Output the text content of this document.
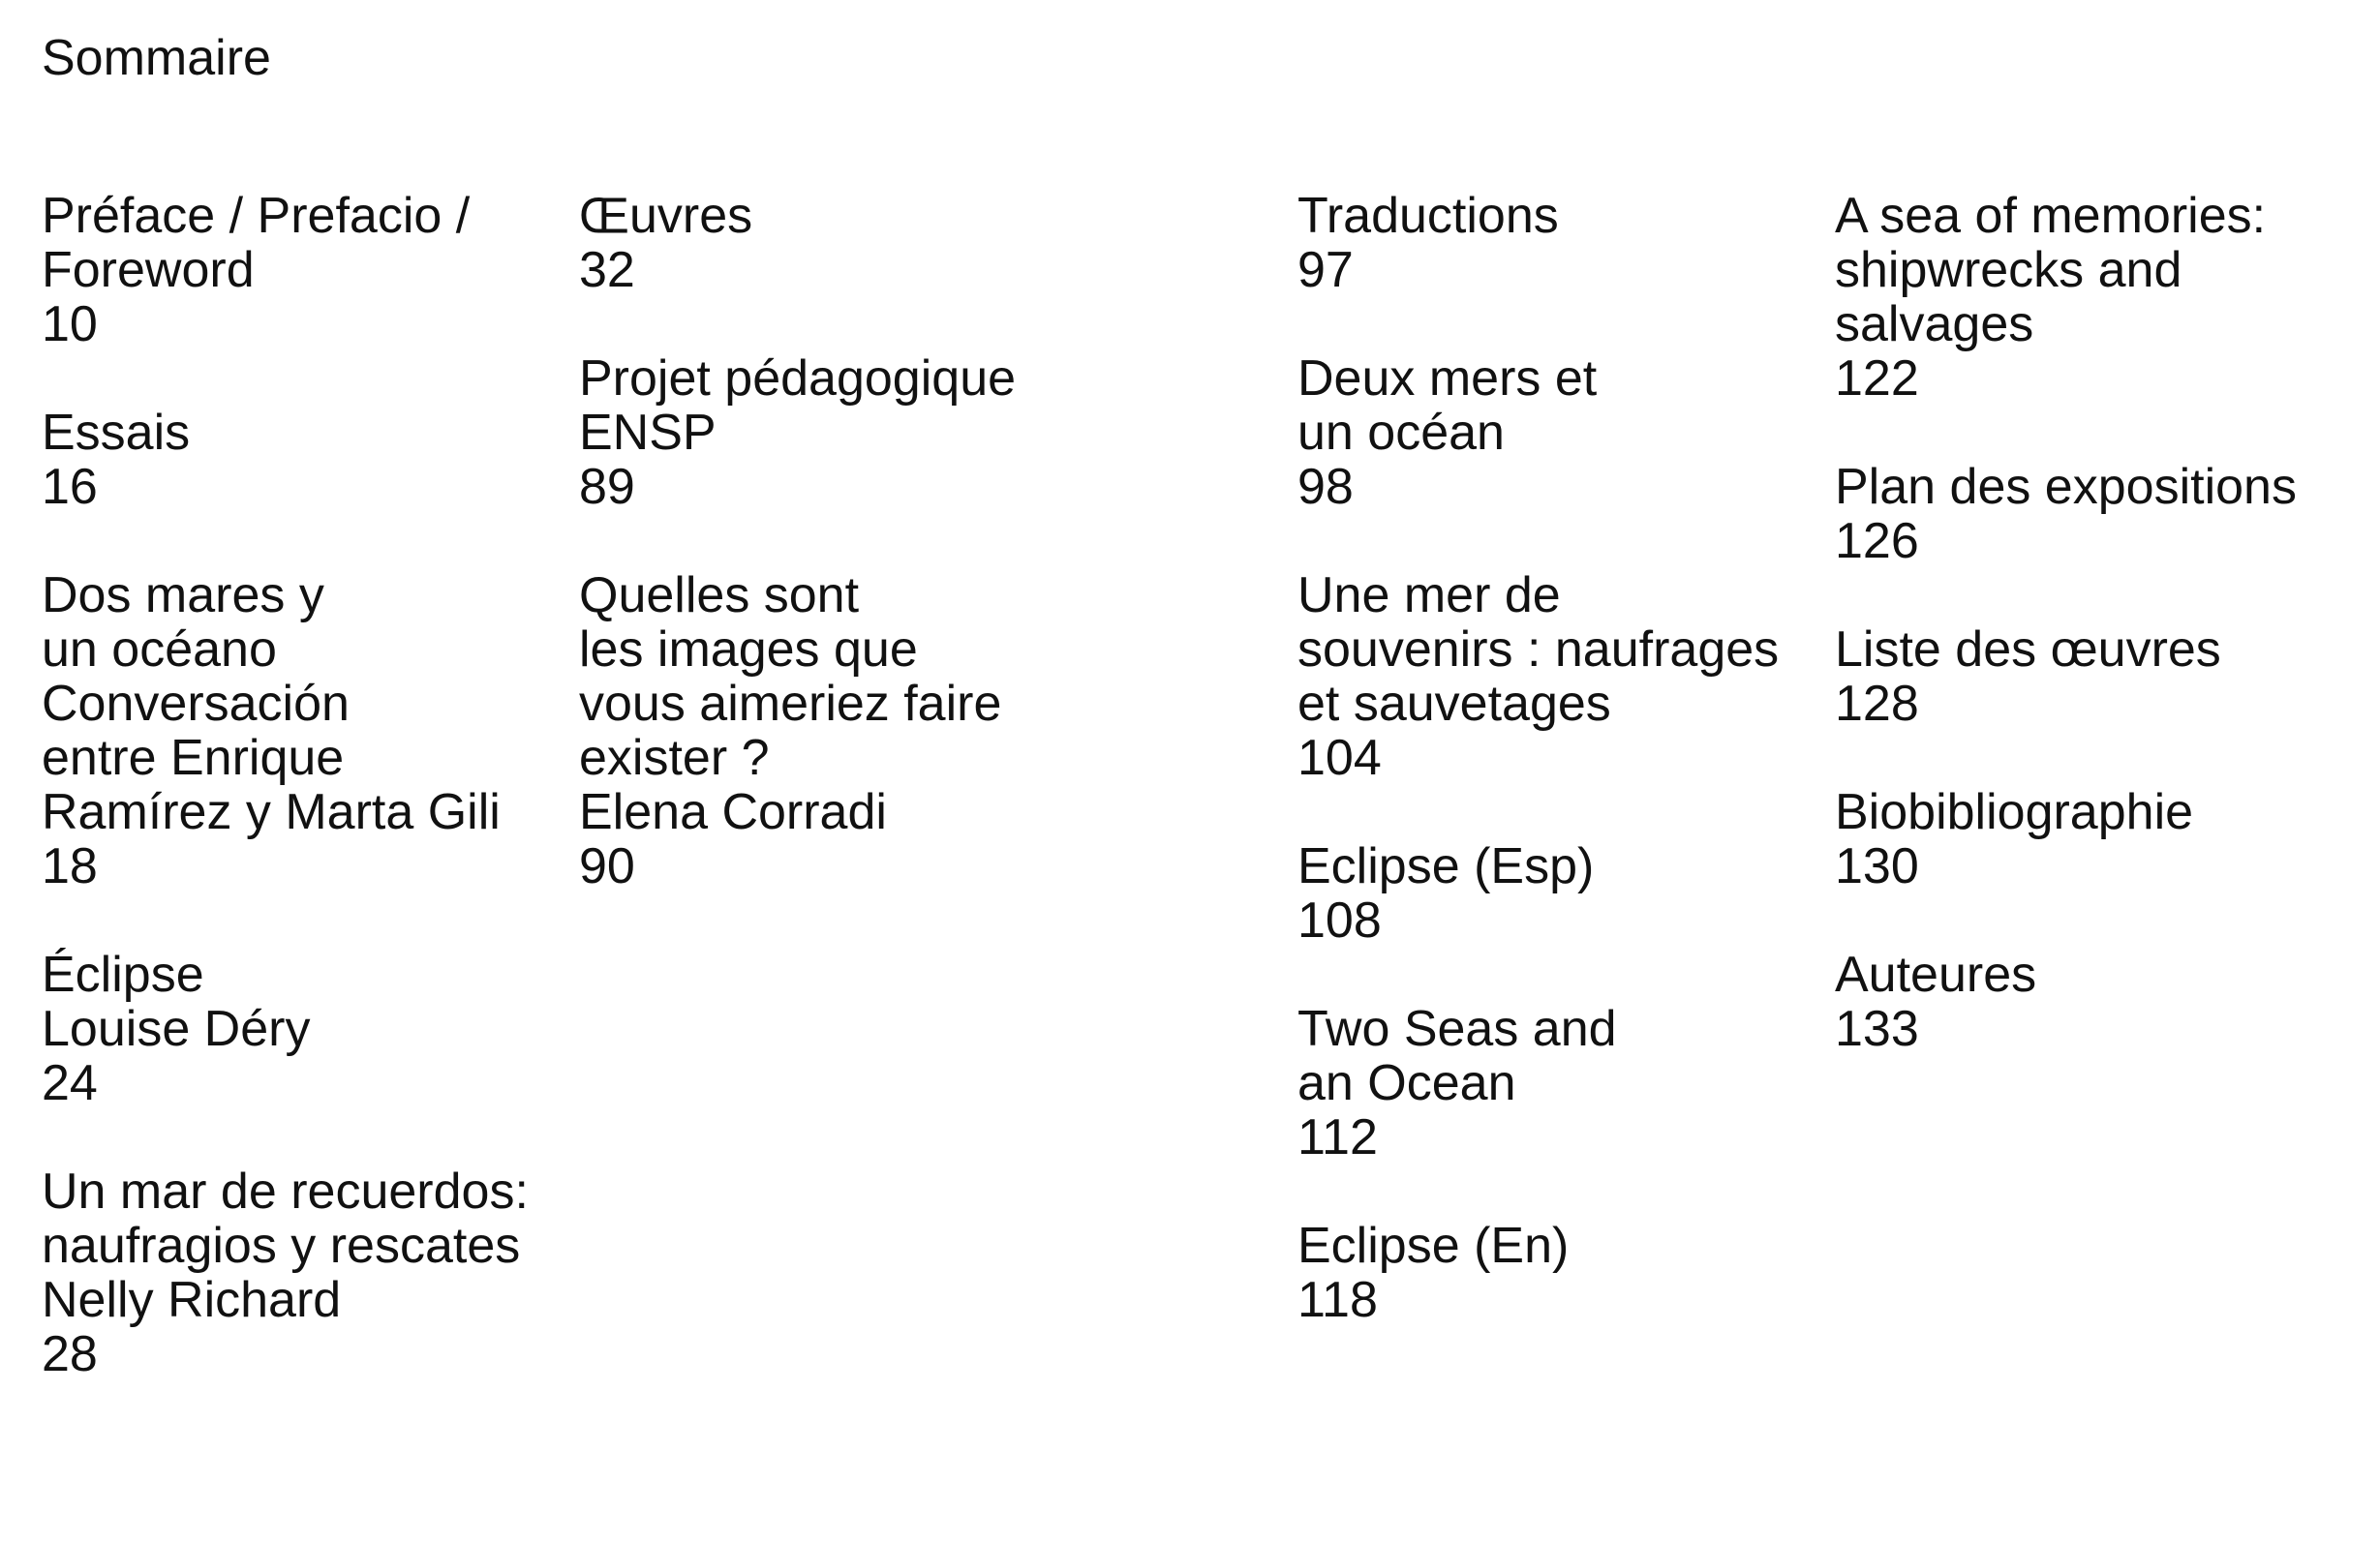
Sommaire
Préface / Prefacio /
Foreword
10
Essais
16
Dos mares y
un océano
Conversación
entre Enrique
Ramírez y Marta Gili
18
Éclipse
Louise Déry
24
Un mar de recuerdos:
naufragios y rescates
Nelly Richard
28
Œuvres
32
Projet pédagogique
ENSP
89
Quelles sont
les images que
vous aimeriez faire
exister ?
Elena Corradi
90
Traductions
97
Deux mers et
un océan
98
Une mer de
souvenirs : naufrages
et sauvetages
104
Eclipse (Esp)
108
Two Seas and
an Ocean
112
Eclipse (En)
118
A sea of memories:
shipwrecks and
salvages
122
Plan des expositions
126
Liste des œuvres
128
Biobibliographie
130
Auteures
133
